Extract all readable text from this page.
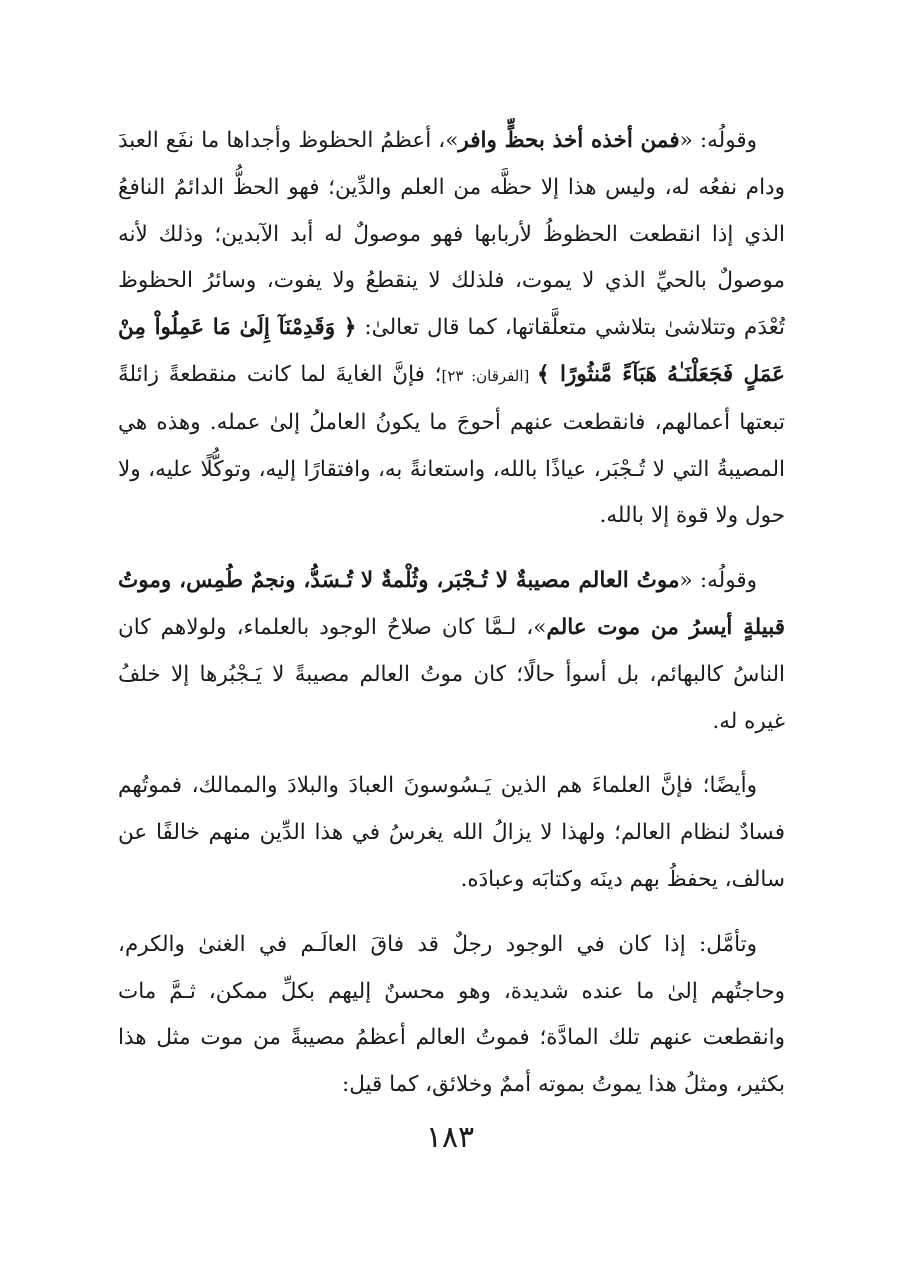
وقولُه: «فمن أخذه أخذ بحظٍّ وافر»، أعظمُ الحظوظ وأجداها ما نفَع العبدَ ودام نفعُه له، وليس هذا إلا حظَّه من العلم والدِّين؛ فهو الحظُّ الدائمُ النافعُ الذي إذا انقطعت الحظوظُ لأربابها فهو موصولٌ له أبد الآبدين؛ وذلك لأنه موصولٌ بالحيِّ الذي لا يموت، فلذلك لا ينقطعُ ولا يفوت، وسائرُ الحظوظ تُعْدَم وتتلاشىٰ بتلاشي متعلَّقاتها، كما قال تعالىٰ: ﴿ وَقَدِمْنَآ إِلَىٰ مَا عَمِلُواْ مِنْ عَمَلٍ فَجَعَلْنَـٰهُ هَبَآءً مَّنثُورًا ﴾ [الفرقان: ٢٣]؛ فإنَّ الغايةَ لما كانت منقطعةً زائلةً تبعتها أعمالهم، فانقطعت عنهم أحوجَ ما يكونُ العاملُ إلىٰ عمله. وهذه هي المصيبةُ التي لا تُـجْبَر، عياذًا بالله، واستعانةً به، وافتقارًا إليه، وتوكُّلًا عليه، ولا حول ولا قوة إلا بالله.

وقولُه: «موتُ العالم مصيبةٌ لا تُـجْبَر، وثُلْمةٌ لا تُـسَدُّ، ونجمٌ طُمِس، وموتُ قبيلةٍ أيسرُ من موت عالم»، لـمَّا كان صلاحُ الوجود بالعلماء، ولولاهم كان الناسُ كالبهائم، بل أسوأ حالًا؛ كان موتُ العالم مصيبةً لا يَـجْبُرها إلا خلفُ غيره له.

وأيضًا؛ فإنَّ العلماءَ هم الذين يَـسُوسونَ العبادَ والبلادَ والممالك، فموتُهم فسادٌ لنظام العالم؛ ولهذا لا يزالُ الله يغرسُ في هذا الدِّين منهم خالفًا عن سالف، يحفظُ بهم دينَه وكتابَه وعبادَه.

وتأمَّل: إذا كان في الوجود رجلٌ قد فاقَ العالَـم في الغنىٰ والكرم، وحاجتُهم إلىٰ ما عنده شديدة، وهو محسنٌ إليهم بكلِّ ممكن، ثـمَّ مات وانقطعت عنهم تلك المادَّة؛ فموتُ العالم أعظمُ مصيبةً من موت مثل هذا بكثير، ومثلُ هذا يموتُ بموته أممٌ وخلائق، كما قيل:

١٨٣
